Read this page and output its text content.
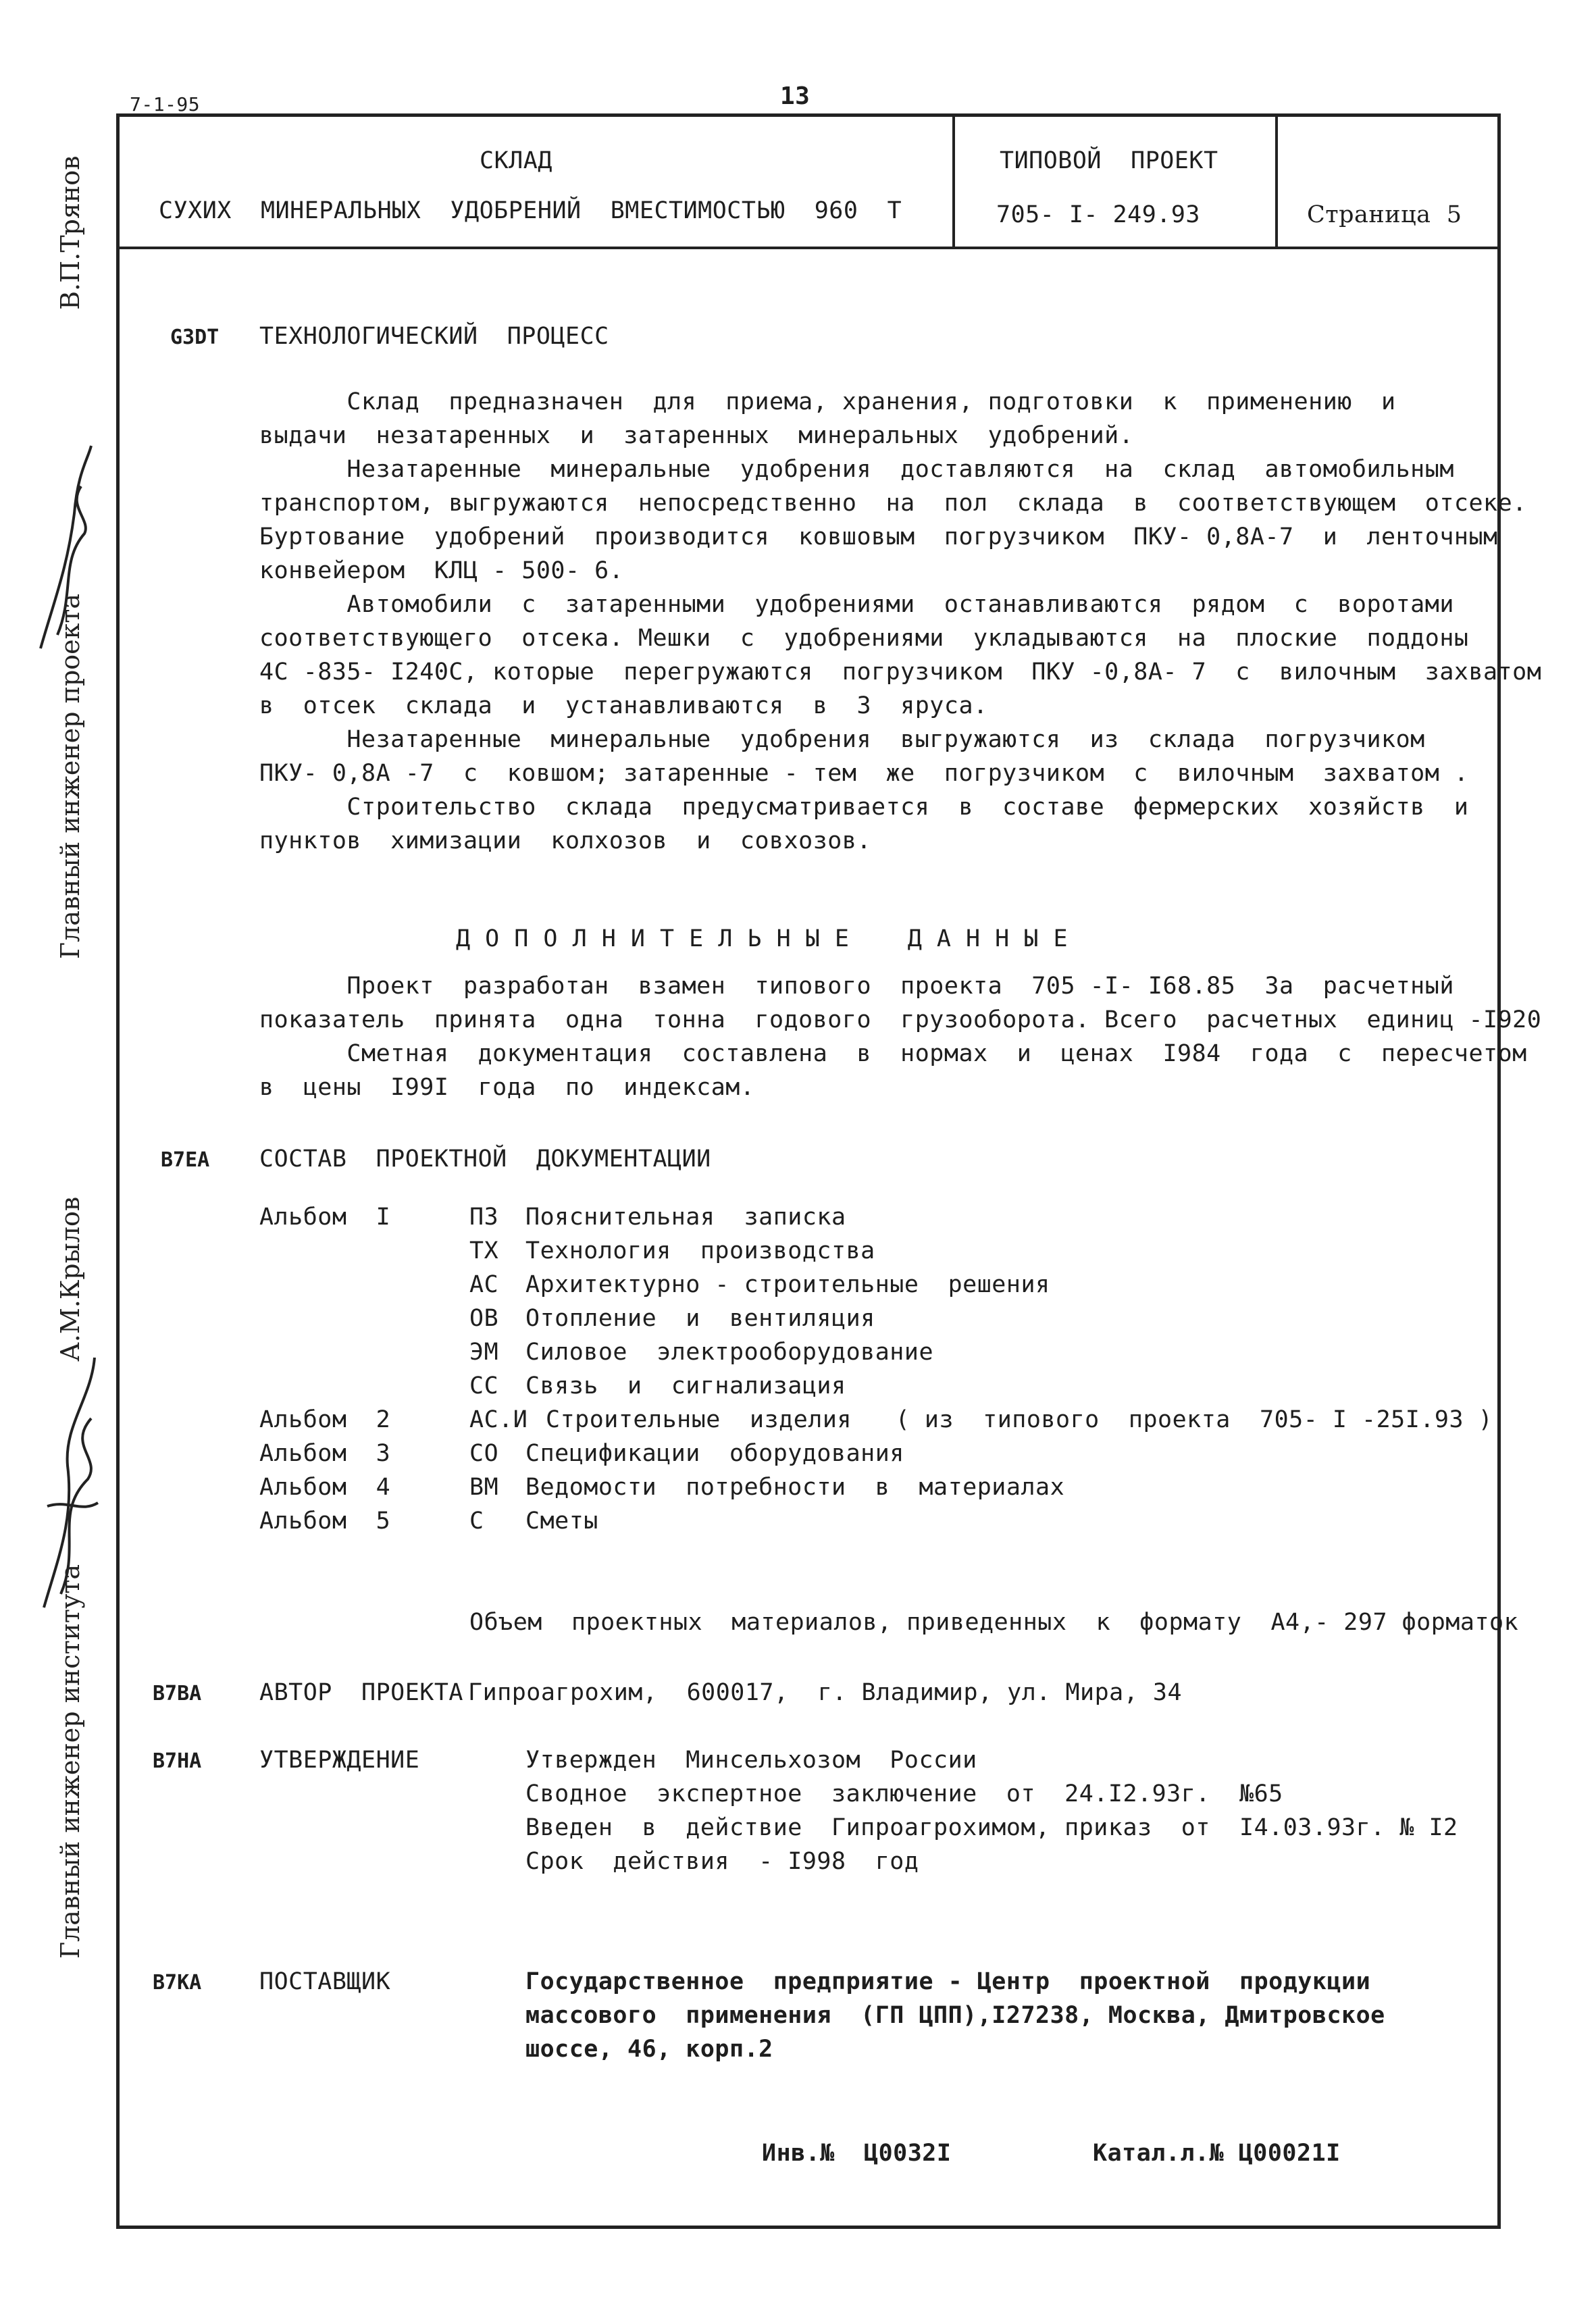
7-1-95	13
СКЛАД
СУХИХ  МИНЕРАЛЬНЫХ  УДОБРЕНИЙ  ВМЕСТИМОСТЬЮ  960  Т
ТИПОВОЙ  ПРОЕКТ
705- I- 249.93	Страница  5
Главный инженер проектаВ.П.Трянов
Главный инженер институтаА.М.Крылов
G3DT ТЕХНОЛОГИЧЕСКИЙ  ПРОЦЕСС
Склад  предназначен  для  приема, хранения, подготовки  к  применению  и
выдачи  незатаренных  и  затаренных  минеральных  удобрений.
Незатаренные  минеральные  удобрения  доставляются  на  склад  автомобильным
транспортом, выгружаются  непосредственно  на  пол  склада  в  соответствующем  отсеке.
Буртование  удобрений  производится  ковшовым  погрузчиком  ПКУ- 0,8А-7  и  ленточным
конвейером  КЛЦ - 500- 6.
Автомобили  с  затаренными  удобрениями  останавливаются  рядом  с  воротами
соответствующего  отсека. Мешки  с  удобрениями  укладываются  на  плоские  поддоны
4С -835- I240С, которые  перегружаются  погрузчиком  ПКУ -0,8А- 7  с  вилочным  захватом
в  отсек  склада  и  устанавливаются  в  3  яруса.
Незатаренные  минеральные  удобрения  выгружаются  из  склада  погрузчиком
ПКУ- 0,8А -7  с  ковшом; затаренные - тем  же  погрузчиком  с  вилочным  захватом .
Строительство  склада  предусматривается  в  составе  фермерских  хозяйств  и
пунктов  химизации  колхозов  и  совхозов.
Д О П О Л Н И Т Е Л Ь Н Ы Е    Д А Н Н Ы Е
Проект  разработан  взамен  типового  проекта  705 -I- I68.85  За  расчетный
показатель  принята  одна  тонна  годового  грузооборота. Всего  расчетных  единиц -I920
Сметная  документация  составлена  в  нормах  и  ценах  I984  года  с  пересчетом
в  цены  I99I  года  по  индексам.
B7EA СОСТАВ  ПРОЕКТНОЙ  ДОКУМЕНТАЦИИ
Альбом  I	ПЗ Пояснительная  записка
ТХ Технология  производства
АС Архитектурно - строительные  решения
ОВ Отопление  и  вентиляция
ЭМ Силовое  электрооборудование
СС Связь  и  сигнализация
Альбом  2	АС.И Строительные  изделия   ( из  типового  проекта  705- I -25I.93 )
Альбом  3	СО Спецификации  оборудования
Альбом  4	ВМ Ведомости  потребности  в  материалах
Альбом  5	С Сметы
Объем  проектных  материалов, приведенных  к  формату  А4,- 297 форматок
B7BA АВТОР  ПРОЕКТА Гипроагрохим,  600017,  г. Владимир, ул. Мира, 34
B7HA УТВЕРЖДЕНИЕ	Утвержден  Минсельхозом  России
Сводное  экспертное  заключение  от  24.I2.93г.  №65
Введен  в  действие  Гипроагрохимом, приказ  от  I4.03.93г. № I2
Срок  действия  - I998  год
B7KA ПОСТАВЩИК	Государственное  предприятие - Центр  проектной  продукции
массового  применения  (ГП ЦПП),I27238, Москва, Дмитровское
шоссе, 46, корп.2
Инв.№  Ц0032I	Катал.л.№ Ц00021I
